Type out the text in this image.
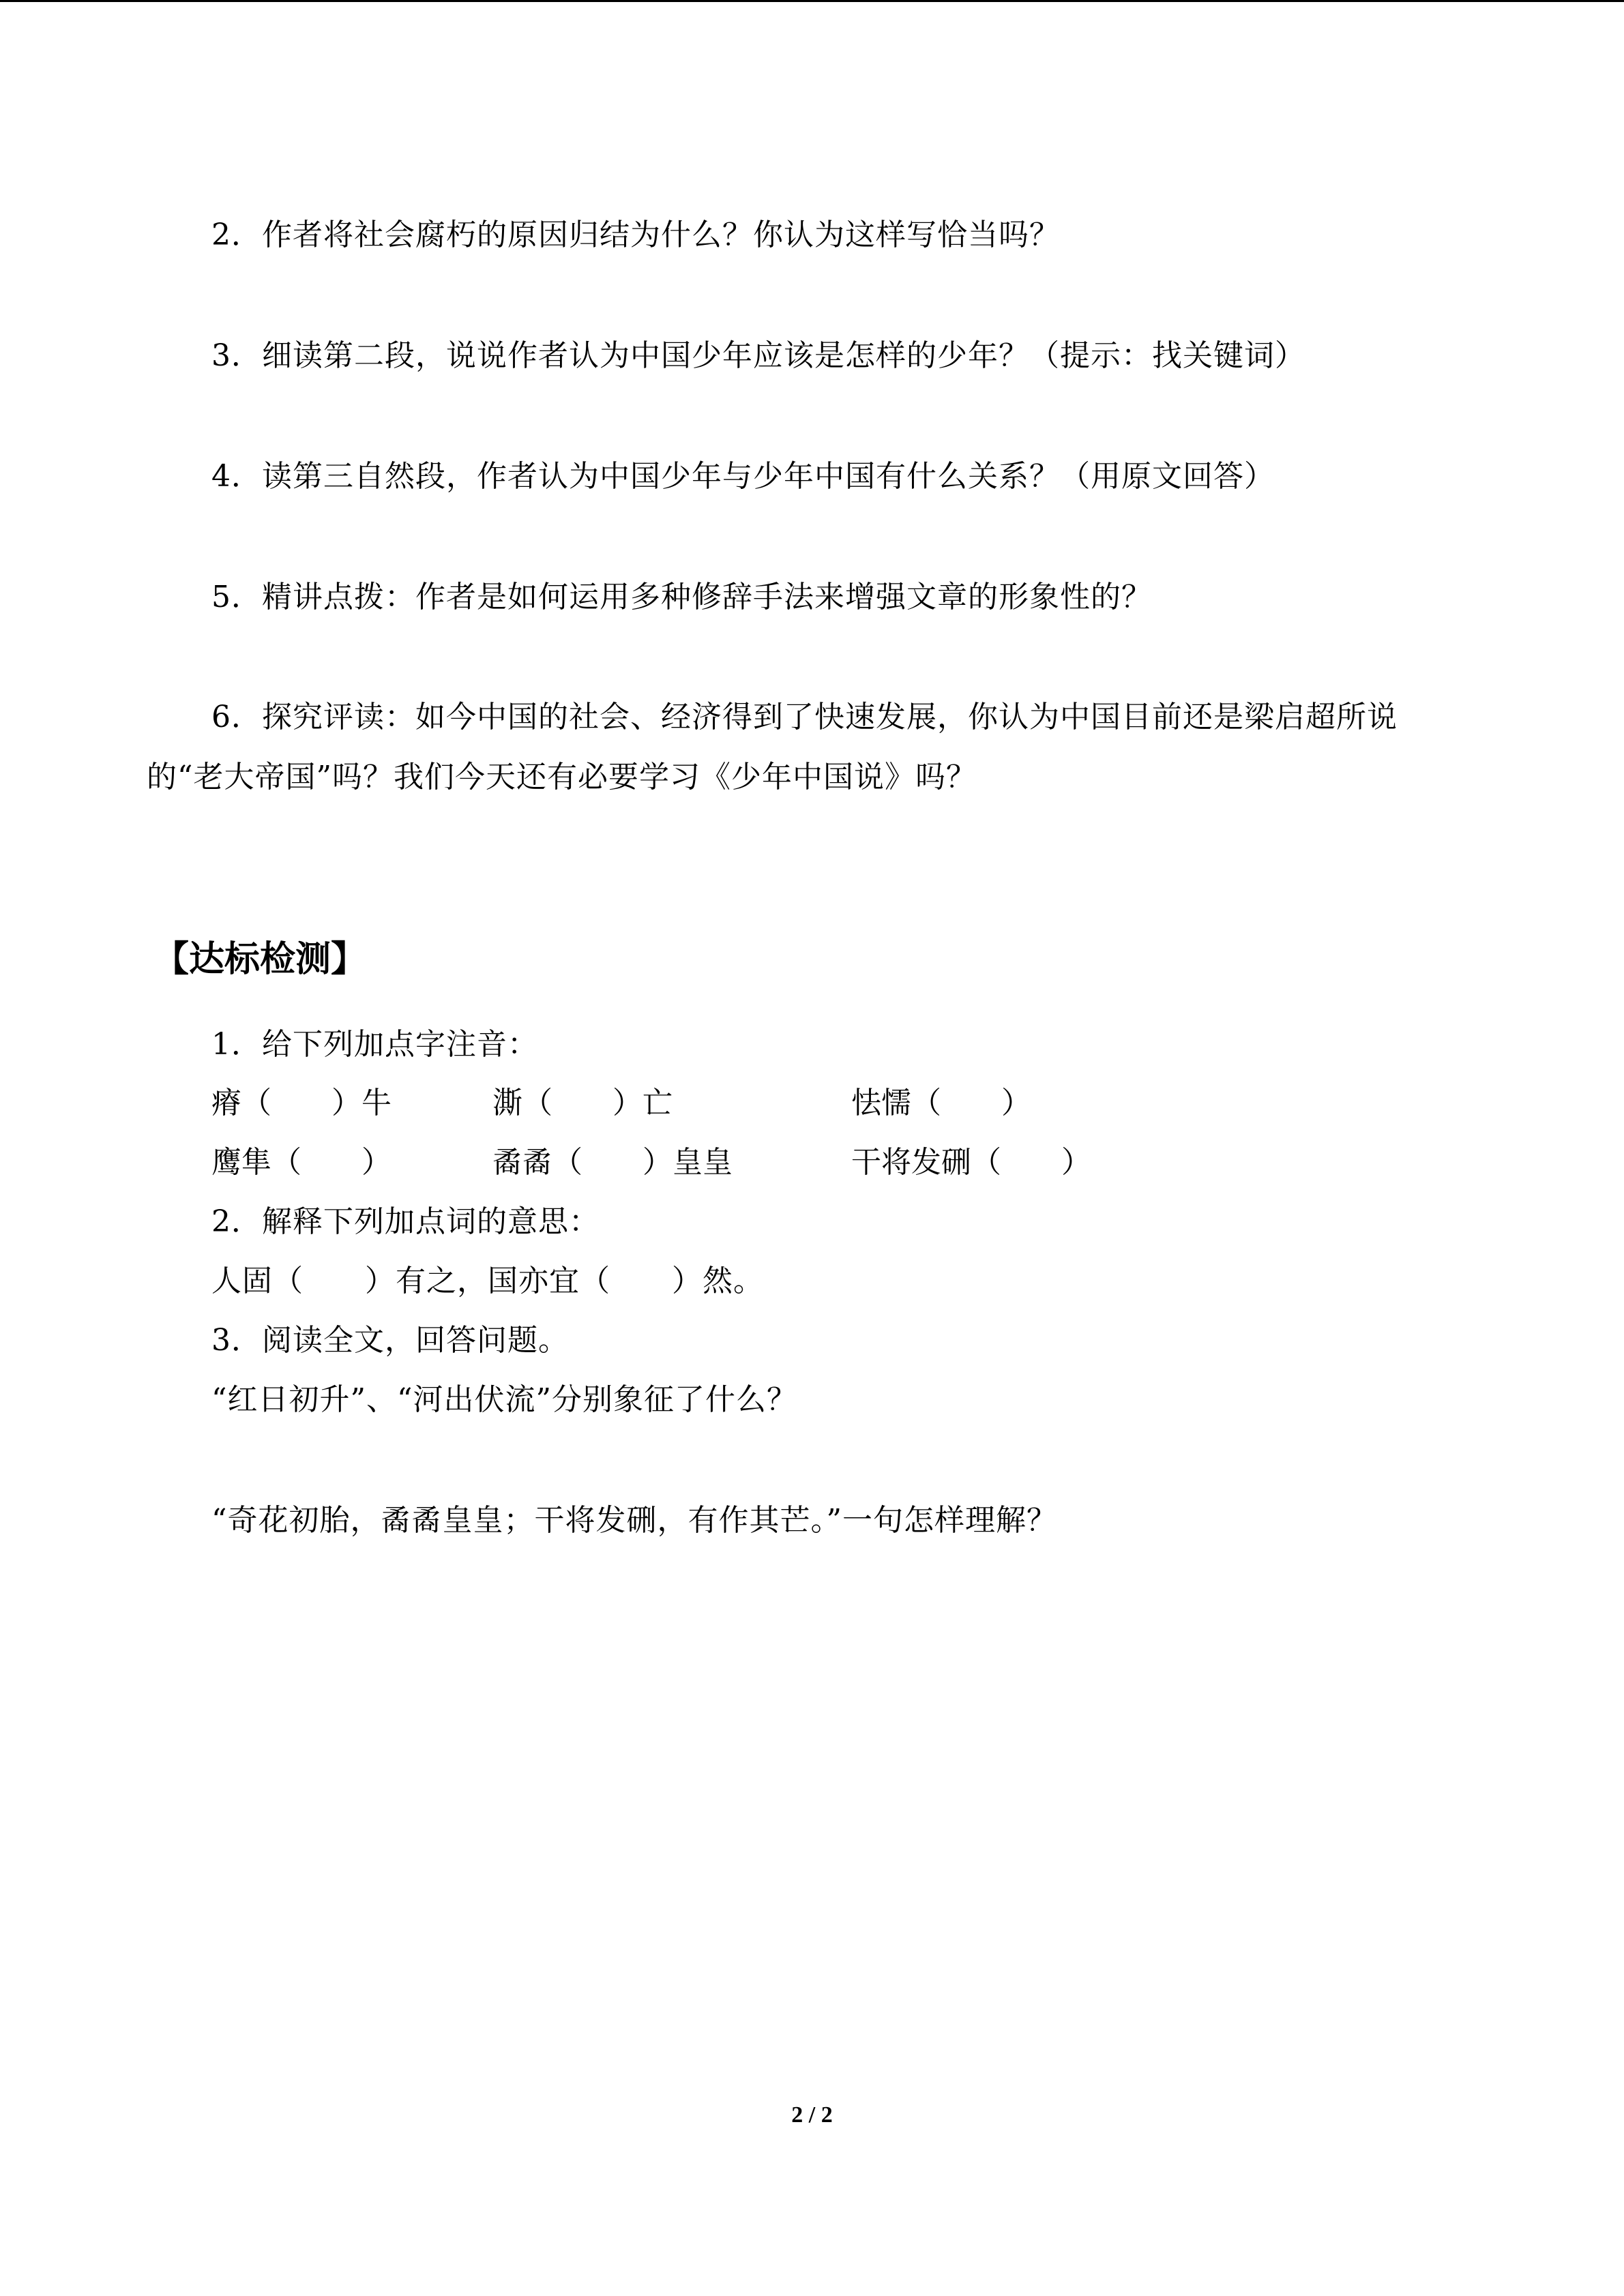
2．作者将社会腐朽的原因归结为什么？你认为这样写恰当吗？
3．细读第二段，说说作者认为中国少年应该是怎样的少年？（提示：找关键词）
4．读第三自然段，作者认为中国少年与少年中国有什么关系？（用原文回答）
5．精讲点拨：作者是如何运用多种修辞手法来增强文章的形象性的？
6．探究评读：如今中国的社会、经济得到了快速发展，你认为中国目前还是梁启超所说
的“老大帝国”吗？我们今天还有必要学习《少年中国说》吗？
【达标检测】
1．给下列加点字注音：
瘠（　　）牛	澌（　　）亡	怯懦（　　）
鹰隼（　　）	矞矞（　　）皇皇	干将发硎（　　）
2．解释下列加点词的意思：
人固（　　）有之，国亦宜（　　）然。
3．阅读全文，回答问题。
“红日初升”、“河出伏流”分别象征了什么？
“奇花初胎，矞矞皇皇；干将发硎，有作其芒。”一句怎样理解？
2 / 2
